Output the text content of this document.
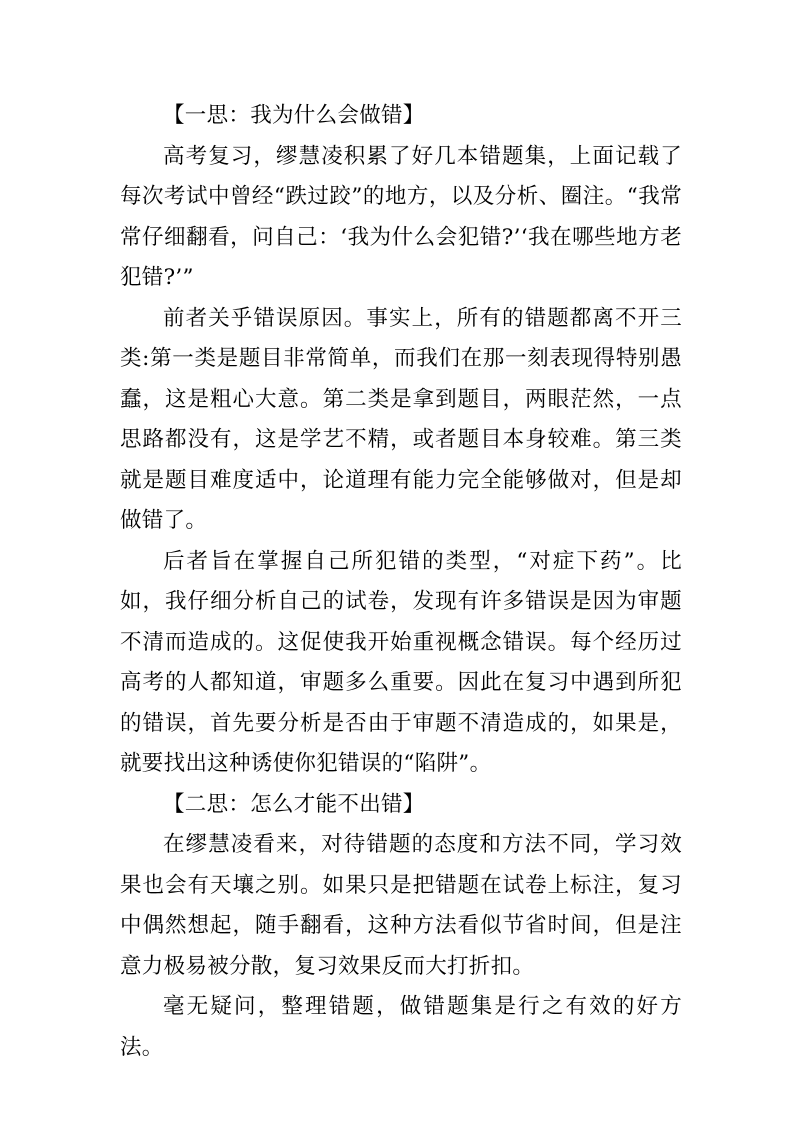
【一思：我为什么会做错】

高考复习，缪慧凌积累了好几本错题集，上面记载了每次考试中曾经“跌过跤”的地方，以及分析、圈注。“我常常仔细翻看，问自己：‘我为什么会犯错?’‘我在哪些地方老犯错?’”

前者关乎错误原因。事实上，所有的错题都离不开三类:第一类是题目非常简单，而我们在那一刻表现得特别愚蠢，这是粗心大意。第二类是拿到题目，两眼茫然，一点思路都没有，这是学艺不精，或者题目本身较难。第三类就是题目难度适中，论道理有能力完全能够做对，但是却做错了。

后者旨在掌握自己所犯错的类型，“对症下药”。比如，我仔细分析自己的试卷，发现有许多错误是因为审题不清而造成的。这促使我开始重视概念错误。每个经历过高考的人都知道，审题多么重要。因此在复习中遇到所犯的错误，首先要分析是否由于审题不清造成的，如果是，就要找出这种诱使你犯错误的“陷阱”。

【二思：怎么才能不出错】

在缪慧凌看来，对待错题的态度和方法不同，学习效果也会有天壤之别。如果只是把错题在试卷上标注，复习中偶然想起，随手翻看，这种方法看似节省时间，但是注意力极易被分散，复习效果反而大打折扣。

毫无疑问，整理错题，做错题集是行之有效的好方法。
